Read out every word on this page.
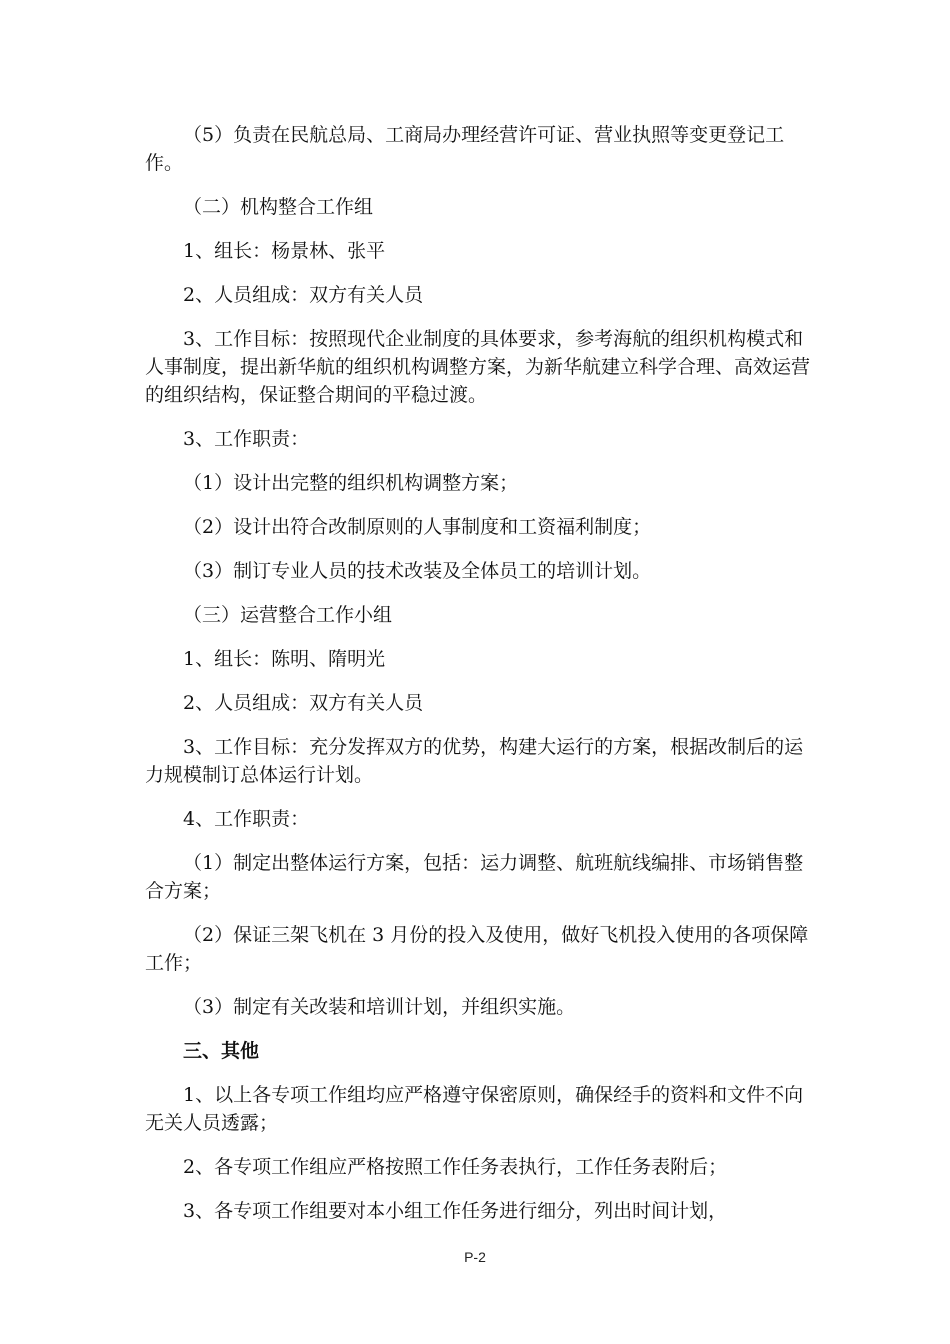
（5）负责在民航总局、工商局办理经营许可证、营业执照等变更登记工作。

（二）机构整合工作组

1、组长：杨景林、张平

2、人员组成：双方有关人员

3、工作目标：按照现代企业制度的具体要求，参考海航的组织机构模式和人事制度，提出新华航的组织机构调整方案，为新华航建立科学合理、高效运营的组织结构，保证整合期间的平稳过渡。

3、工作职责：

（1）设计出完整的组织机构调整方案；

（2）设计出符合改制原则的人事制度和工资福利制度；

（3）制订专业人员的技术改装及全体员工的培训计划。

（三）运营整合工作小组

1、组长：陈明、隋明光

2、人员组成：双方有关人员

3、工作目标：充分发挥双方的优势，构建大运行的方案，根据改制后的运力规模制订总体运行计划。

4、工作职责：

（1）制定出整体运行方案，包括：运力调整、航班航线编排、市场销售整合方案；

（2）保证三架飞机在 3 月份的投入及使用，做好飞机投入使用的各项保障工作；

（3）制定有关改装和培训计划，并组织实施。

三、其他

1、以上各专项工作组均应严格遵守保密原则，确保经手的资料和文件不向无关人员透露；

2、各专项工作组应严格按照工作任务表执行，工作任务表附后；

3、各专项工作组要对本小组工作任务进行细分，列出时间计划，

P-2
